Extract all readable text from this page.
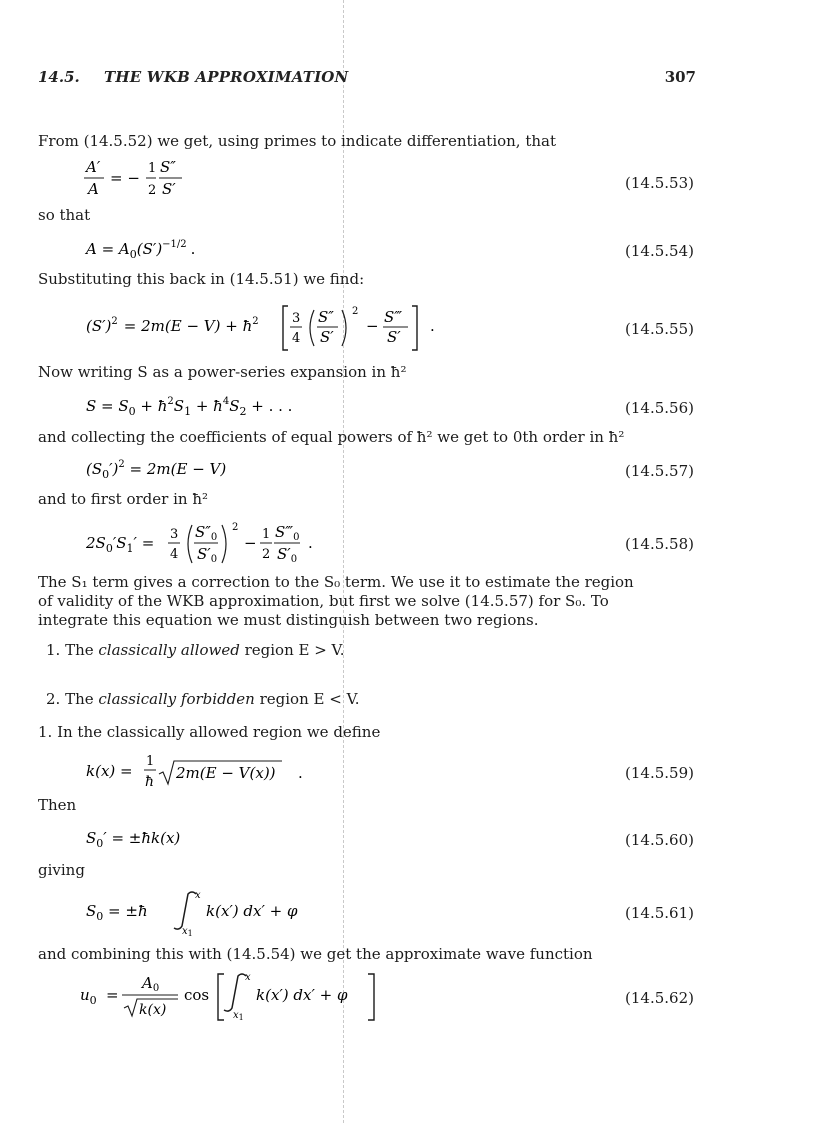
14.5. THE WKB APPROXIMATION	307
From (14.5.52) we get, using primes to indicate differentiation, that
A′
A
= −
1
2
S″
S′	(14.5.53)
so that
$A = A_0(S')^{-1/2}$ .	(14.5.54)
Substituting this back in (14.5.51) we find:
$(S')^2 = 2m(E - V)$ + $ħ^2$	3
4
S″
S′
2
− S‴
S′
.	(14.5.55)
Now writing S as a power-series expansion in ħ²
$S = S_0$ + $ħ^2S_1$ + $ħ^4S_2$ + . . .	(14.5.56)
and collecting the coefficients of equal powers of ħ² we get to 0th order in ħ²
$(S_0')^2 = 2m(E - V)$	(14.5.57)
and to first order in ħ²
$2S_0'S_1' = 3$
4
$S''_0$
$S'_0$
2
− 1
2
$S‴_0$
$S'_0$
.	(14.5.58)
The S₁ term gives a correction to the S₀ term. We use it to estimate the region
of validity of the WKB approximation, but first we solve (14.5.57) for S₀. To
integrate this equation we must distinguish between two regions.
1. The classically allowed region E > V.
2. The classically forbidden region E < V.
1. In the classically allowed region we define
k(x) =
1
ħ 2m(E − V(x)) .	(14.5.59)
Then
$S_0'$ = ±ħk(x)	(14.5.60)
giving
$S_0$ = ±ħ
x
$x_1$
k(x′) dx′ + φ	(14.5.61)
and combining this with (14.5.54) we get the approximate wave function
$u_0$ =
$A_0$
k(x)
cos
x
$x_1$
k(x′) dx′ + φ	(14.5.62)
